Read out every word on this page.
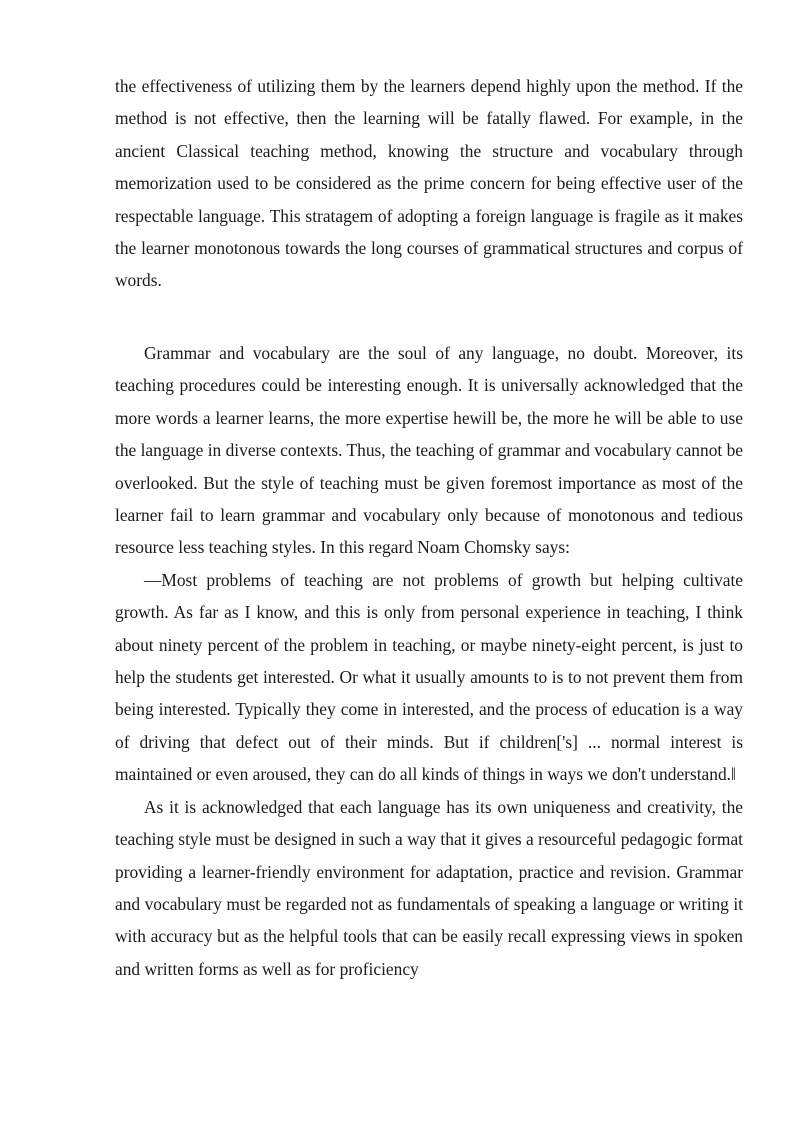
the effectiveness of utilizing them by the learners depend highly upon the method. If the method is not effective, then the learning will be fatally flawed. For example, in the ancient Classical teaching method, knowing the structure and vocabulary through memorization used to be considered as the prime concern for being effective user of the respectable language. This stratagem of adopting a foreign language is fragile as it makes the learner monotonous towards the long courses of grammatical structures and corpus of words.

Grammar and vocabulary are the soul of any language, no doubt. Moreover, its teaching procedures could be interesting enough. It is universally acknowledged that the more words a learner learns, the more expertise hewill be, the more he will be able to use the language in diverse contexts. Thus, the teaching of grammar and vocabulary cannot be overlooked. But the style of teaching must be given foremost importance as most of the learner fail to learn grammar and vocabulary only because of monotonous and tedious resource less teaching styles. In this regard Noam Chomsky says:

―Most problems of teaching are not problems of growth but helping cultivate growth. As far as I know, and this is only from personal experience in teaching, I think about ninety percent of the problem in teaching, or maybe ninety-eight percent, is just to help the students get interested. Or what it usually amounts to is to not prevent them from being interested. Typically they come in interested, and the process of education is a way of driving that defect out of their minds. But if children['s] ... normal interest is maintained or even aroused, they can do all kinds of things in ways we don't understand.‖

As it is acknowledged that each language has its own uniqueness and creativity, the teaching style must be designed in such a way that it gives a resourceful pedagogic format providing a learner-friendly environment for adaptation, practice and revision. Grammar and vocabulary must be regarded not as fundamentals of speaking a language or writing it with accuracy but as the helpful tools that can be easily recall expressing views in spoken and written forms as well as for proficiency
